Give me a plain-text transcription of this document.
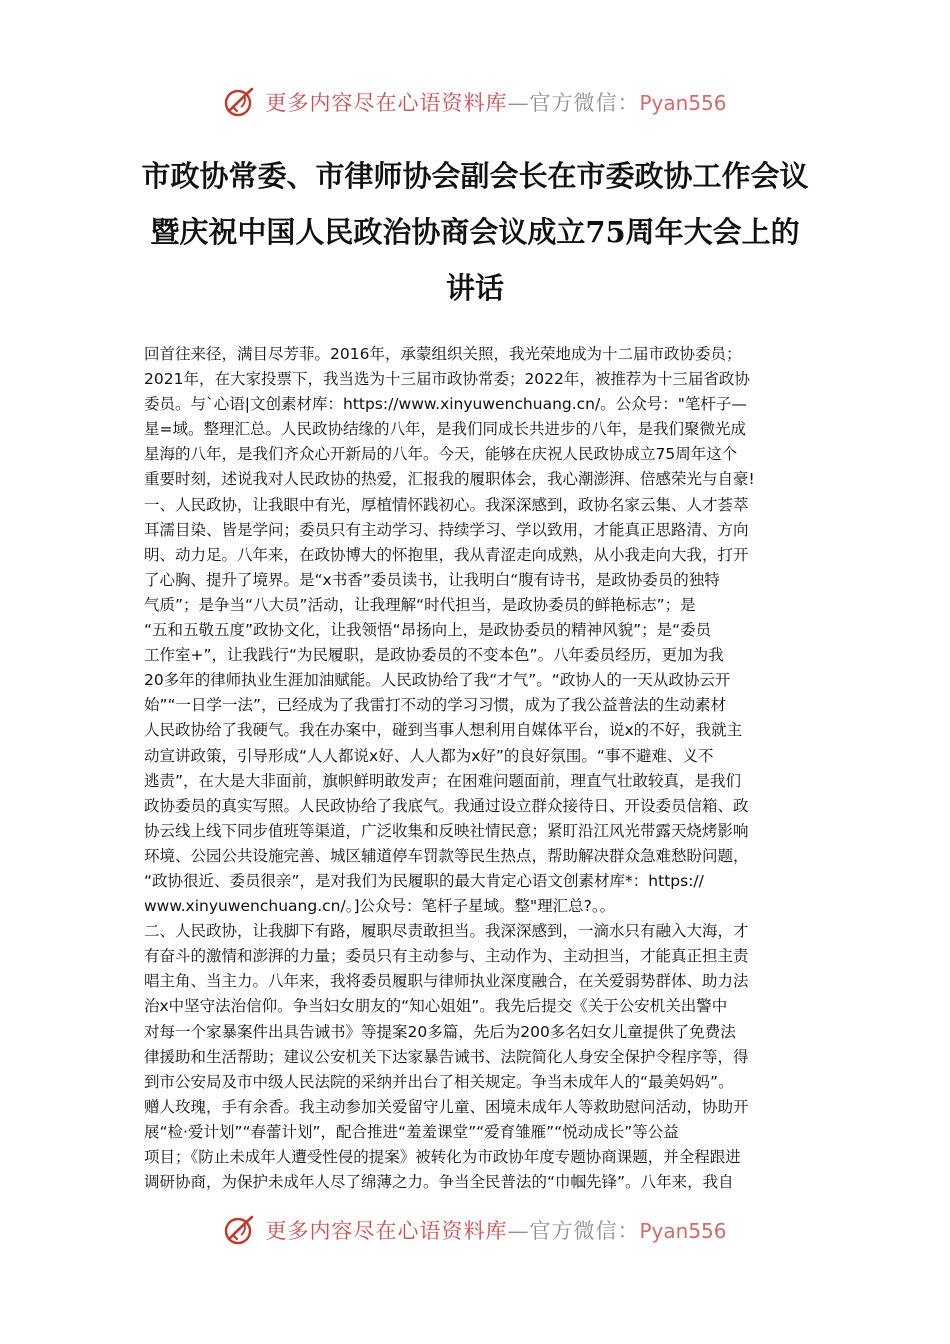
更多内容尽在心语资料库—官方微信：Pyan556
市政协常委、市律师协会副会长在市委政协工作会议
暨庆祝中国人民政治协商会议成立75周年大会上的
讲话
回首往来径，满目尽芳菲。2016年，承蒙组织关照，我光荣地成为十二届市政协委员；
2021年，在大家投票下，我当选为十三届市政协常委；2022年，被推荐为十三届省政协
委员。与`心语|文创素材库：https://www.xinyuwenchuang.cn/。公众号："笔杆子—
星=域。整理汇总。人民政协结缘的八年，是我们同成长共进步的八年，是我们聚微光成
星海的八年，是我们齐众心开新局的八年。今天，能够在庆祝人民政协成立75周年这个
重要时刻，述说我对人民政协的热爱，汇报我的履职体会，我心潮澎湃、倍感荣光与自豪!
一、人民政协，让我眼中有光，厚植情怀践初心。我深深感到，政协名家云集、人才荟萃
耳濡目染、皆是学问；委员只有主动学习、持续学习、学以致用，才能真正思路清、方向
明、动力足。八年来，在政协博大的怀抱里，我从青涩走向成熟，从小我走向大我，打开
了心胸、提升了境界。是“x书香”委员读书，让我明白“腹有诗书，是政协委员的独特
气质”；是争当“八大员”活动，让我理解“时代担当，是政协委员的鲜艳标志”；是
“五和五敬五度”政协文化，让我领悟“昂扬向上，是政协委员的精神风貌”；是“委员
工作室+”，让我践行“为民履职，是政协委员的不变本色”。八年委员经历，更加为我
20多年的律师执业生涯加油赋能。人民政协给了我“才气”。“政协人的一天从政协云开
始”“一日学一法”，已经成为了我雷打不动的学习习惯，成为了我公益普法的生动素材
人民政协给了我硬气。我在办案中，碰到当事人想利用自媒体平台，说x的不好，我就主
动宣讲政策，引导形成“人人都说x好、人人都为x好”的良好氛围。“事不避难、义不
逃责”，在大是大非面前，旗帜鲜明敢发声；在困难问题面前，理直气壮敢较真，是我们
政协委员的真实写照。人民政协给了我底气。我通过设立群众接待日、开设委员信箱、政
协云线上线下同步值班等渠道，广泛收集和反映社情民意；紧盯沿江风光带露天烧烤影响
环境、公园公共设施完善、城区辅道停车罚款等民生热点，帮助解决群众急难愁盼问题，
“政协很近、委员很亲”，是对我们为民履职的最大肯定心语文创素材库*：https://
www.xinyuwenchuang.cn/。]公众号：笔杆子星域。整"理汇总?。。
二、人民政协，让我脚下有路，履职尽责敢担当。我深深感到，一滴水只有融入大海，才
有奋斗的激情和澎湃的力量；委员只有主动参与、主动作为、主动担当，才能真正担主责
唱主角、当主力。八年来，我将委员履职与律师执业深度融合，在关爱弱势群体、助力法
治x中坚守法治信仰。争当妇女朋友的“知心姐姐”。我先后提交《关于公安机关出警中
对每一个家暴案件出具告诫书》等提案20多篇，先后为200多名妇女儿童提供了免费法
律援助和生活帮助；建议公安机关下达家暴告诫书、法院简化人身安全保护令程序等，得
到市公安局及市中级人民法院的采纳并出台了相关规定。争当未成年人的“最美妈妈”。
赠人玫瑰，手有余香。我主动参加关爱留守儿童、困境未成年人等救助慰问活动，协助开
展“检·爱计划”“春蕾计划”，配合推进“羞羞课堂”“爱育雏雁”“悦动成长”等公益
项目；《防止未成年人遭受性侵的提案》被转化为市政协年度专题协商课题，并全程跟进
调研协商，为保护未成年人尽了绵薄之力。争当全民普法的“巾帼先锋”。八年来，我自
更多内容尽在心语资料库—官方微信：Pyan556
